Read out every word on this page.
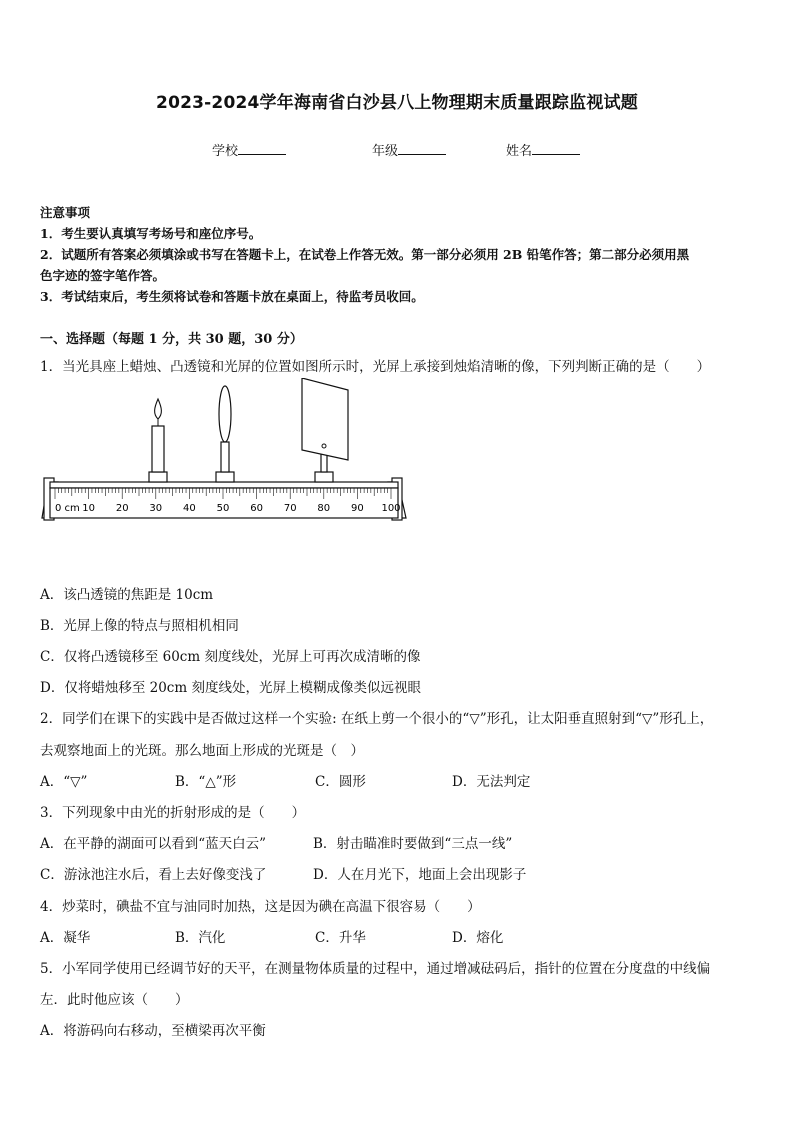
2023-2024学年海南省白沙县八上物理期末质量跟踪监视试题
学校	年级	姓名
注意事项
1．考生要认真填写考场号和座位序号。
2．试题所有答案必须填涂或书写在答题卡上，在试卷上作答无效。第一部分必须用 2B 铅笔作答；第二部分必须用黑
色字迹的签字笔作答。
3．考试结束后，考生须将试卷和答题卡放在桌面上，待监考员收回。
一、选择题（每题 1 分，共 30 题，30 分）
1．当光具座上蜡烛、凸透镜和光屏的位置如图所示时，光屏上承接到烛焰清晰的像，下列判断正确的是（　　）
0 cm 10 20 30 40 50 60 70 80 90 100
A．该凸透镜的焦距是 10cm
B．光屏上像的特点与照相机相同
C．仅将凸透镜移至 60cm 刻度线处，光屏上可再次成清晰的像
D．仅将蜡烛移至 20cm 刻度线处，光屏上模糊成像类似远视眼
2．同学们在课下的实践中是否做过这样一个实验: 在纸上剪一个很小的“▽”形孔，让太阳垂直照射到“▽”形孔上，
去观察地面上的光斑。那么地面上形成的光斑是（　）
A．“▽”	B．“△”形	C．圆形	D．无法判定
3．下列现象中由光的折射形成的是（　　）
A．在平静的湖面可以看到“蓝天白云”	B．射击瞄准时要做到“三点一线”
C．游泳池注水后，看上去好像变浅了	D．人在月光下，地面上会出现影子
4．炒菜时，碘盐不宜与油同时加热，这是因为碘在高温下很容易（　　）
A．凝华	B．汽化	C．升华	D．熔化
5．小军同学使用已经调节好的天平，在测量物体质量的过程中，通过增减砝码后，指针的位置在分度盘的中线偏
左．此时他应该（　　）
A．将游码向右移动，至横梁再次平衡
